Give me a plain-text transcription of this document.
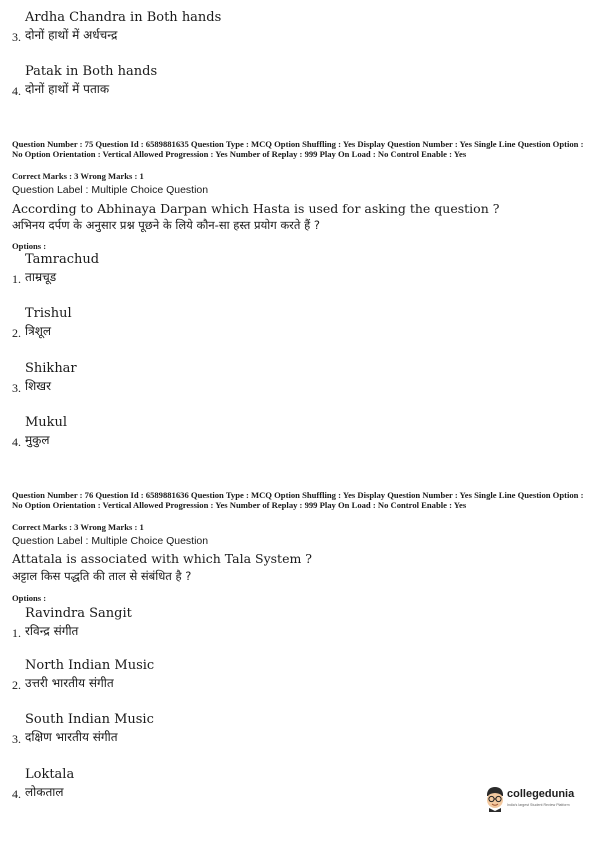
Ardha Chandra in Both hands
3. दोनों हाथों में अर्धचन्द्र
Patak in Both hands
4. दोनों हाथों में पताक
Question Number : 75 Question Id : 6589881635 Question Type : MCQ Option Shuffling : Yes Display Question Number : Yes Single Line Question Option : No Option Orientation : Vertical Allowed Progression : Yes Number of Replay : 999 Play On Load : No Control Enable : Yes
Correct Marks : 3 Wrong Marks : 1
Question Label : Multiple Choice Question
According to Abhinaya Darpan which Hasta is used for asking the question ?
अभिनय दर्पण के अनुसार प्रश्न पूछने के लिये कौन-सा हस्त प्रयोग करते हैं ?
Options :
Tamrachud
1. ताम्रचूड
Trishul
2. त्रिशूल
Shikhar
3. शिखर
Mukul
4. मुकुल
Question Number : 76 Question Id : 6589881636 Question Type : MCQ Option Shuffling : Yes Display Question Number : Yes Single Line Question Option : No Option Orientation : Vertical Allowed Progression : Yes Number of Replay : 999 Play On Load : No Control Enable : Yes
Correct Marks : 3 Wrong Marks : 1
Question Label : Multiple Choice Question
Attatala is associated with which Tala System ?
अट्टाल किस पद्धति की ताल से संबंधित है ?
Options :
Ravindra Sangit
1. रविन्द्र संगीत
North Indian Music
2. उत्तरी भारतीय संगीत
South Indian Music
3. दक्षिण भारतीय संगीत
Loktala
4. लोकताल	collegedunia
India's largest Student Review Platform
